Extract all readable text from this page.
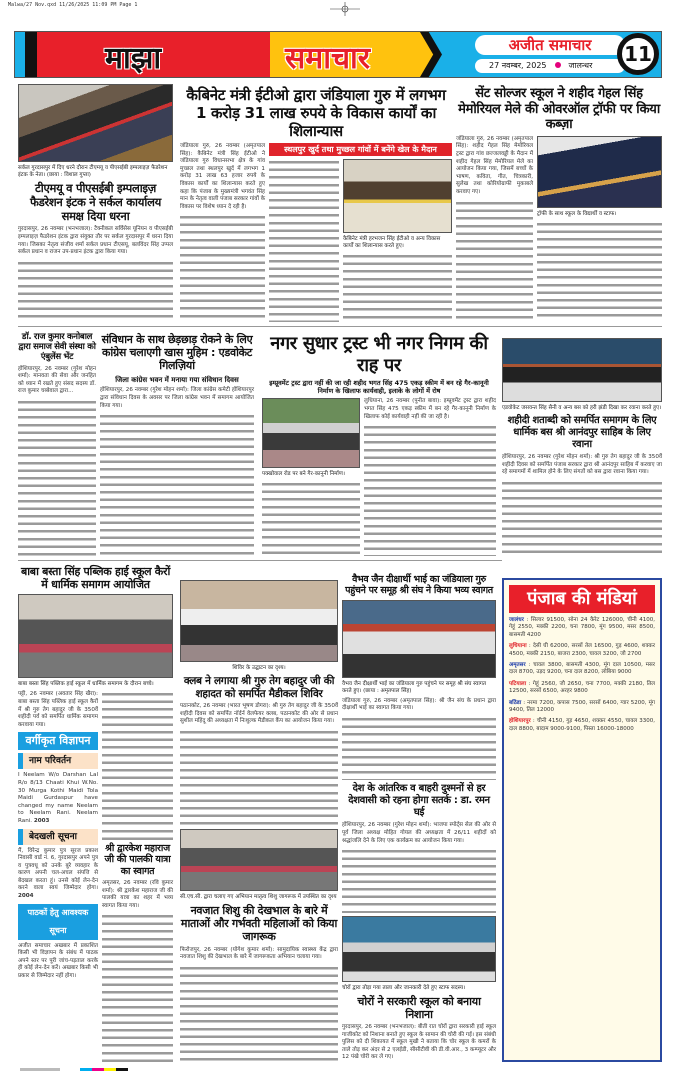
Malwa/27 Nov.qxd 11/26/2025 11:09 PM Page 1
माझा	समाचार	अजीत समाचार
27 नवम्बर, 2025	जालन्धर	11
सर्कल गुरदासपुर में दिए धरने दौरान टीएमयू व पीएसईबी इम्पलाइज़ फैडरेशन इंटक के नेता। (छाया : विशाल गुप्ता)
टीएमयू व पीएसईबी इम्पलाइज़ फैडरेशन इंटक ने सर्कल कार्यालय समक्ष दिया धरना
गुरदासपुर, 26 नवम्बर (भनभजाल): टैक्नीकल सर्विसेस यूनियन व पीएसईबी इम्पलाइज़ फैडरेशन इंटक द्वारा संयुक्त तौर पर सर्कल गुरदासपुर में धरना दिया गया। जिसका नेतृत्व संजीव शर्मा सर्कल प्रधान टीएसयू, बलविंदर सिंह उप्पल सर्कल प्रधान व राजन उप-प्रधान इंटक द्वारा किया गया।
कैबिनेट मंत्री ईटीओ द्वारा जंडियाला गुरु में लगभग 1 करोड़ 31 लाख रुपये के विकास कार्यों का शिलान्यास
जंडियाला गुरु, 26 नवम्बर (अमृतपाल सिंह): कैबिनेट मंत्री सिंह ईटीओ ने जंडियाला गुरु विधानसभा क्षेत्र के गांव मुच्छल तथा स्थलपुर खुर्द में लगभग 1 करोड़ 31 लाख 63 हजार रुपये के विकास कार्यों का शिलान्यास करते हुए कहा कि पंजाब के मुख्यमंत्री भगवंत सिंह मान के नेतृत्व वाली पंजाब सरकार गांवों के विकास पर विशेष ध्यान दे रही है।
स्थलपुर खुर्द तथा मुच्छल गांवों में बनेंगे खेल के मैदान
कैबिनेट मंत्री हरभजन सिंह ईटीओ व अन्य विकास कार्यों का शिलान्यास करते हुए।
सेंट सोल्जर स्कूल ने शहीद गेहल सिंह मेमोरियल मेले की ओवरऑल ट्रॉफी पर किया कब्ज़ा
जंडियाला गुरु, 26 नवम्बर (अमृतपाल सिंह): शहीद गेहल सिंह मेमोरियल ट्रस्ट द्वारा गांव छज्जलवड्डी के मैदान में शहीद गेहल सिंह मेमोरियल मेले का आयोजन किया गया, जिसमें बच्चों के भाषण, कविता, गीत, चित्रकारी, सुलेख तथा कोरियोग्राफी मुकाबले करवाए गए।
ट्रॉफी के साथ स्कूल के विद्यार्थी व स्टाफ।
डॉ. राज कुमार कनोबाल द्वारा समाज सेवी संस्था को एंबुलेंस भेंट
होशियारपुर, 26 नवम्बर (गुरेश मोहन शर्मा): मानवता की सेवा और जनहित को ध्यान में रखते हुए संसद सदस्य डॉ. राज कुमार चब्बेवाल द्वारा...
संविधान के साथ छेड़छाड़ रोकने के लिए कांग्रेस चलाएगी खास मुहिम : एडवोकेट गिलज़ियां
जिला कांग्रेस भवन में मनाया गया संविधान दिवस
होशियारपुर, 26 नवम्बर (गुरेश मोहन शर्मा): जिला कांग्रेस कमेटी होशियारपुर द्वारा संविधान दिवस के अवसर पर जिला कांग्रेस भवन में समागम आयोजित किया गया।
नगर सुधार ट्रस्ट भी नगर निगम की राह पर
इम्प्रूवमेंट ट्रस्ट द्वारा नहीं की जा रही शहीद भगत सिंह 475 एकड़ स्कीम में बन रहे गैर-कानूनी निर्माण के खिलाफ कार्यवाही, इलाके के लोगों में रोष
पक्खोवाल रोड पर बने गैर-कानूनी निर्माण।
लुधियाना, 26 नवम्बर (पुनीत बावा): इम्प्रूवमेंट ट्रस्ट द्वारा शहीद भगत सिंह 475 एकड़ स्कीम में बन रहे गैर-कानूनी निर्माण के खिलाफ कोई कार्यवाही नहीं की जा रही है।
एडवोकेट जसवन्त सिंह सैनी व अन्य बस को हरी झंडी दिखा कर रवाना करते हुए।
शहीदी शताब्दी को समर्पित समागम के लिए धार्मिक बस श्री आनंदपुर साहिब के लिए रवाना
होशियारपुर, 26 नवम्बर (गुरेश मोहन शर्मा): श्री गुरु तेग बहादुर जी के 350वें शहीदी दिवस को समर्पित पंजाब सरकार द्वारा श्री आनंदपुर साहिब में करवाए जा रहे समागमों में शामिल होने के लिए संगतों को बस द्वारा रवाना किया गया।
बाबा बस्ता सिंह पब्लिक हाई स्कूल कैरों में धार्मिक समागम आयोजित
बाबा बस्ता सिंह पब्लिक हाई स्कूल में धार्मिक समागम के दौरान बच्चे।
पट्टी, 26 नवम्बर (अवतार सिंह खैरा): बाबा बस्ता सिंह पब्लिक हाई स्कूल कैरों में श्री गुरु तेग बहादुर जी के 350वें शहीदी पर्व को समर्पित धार्मिक समागम करवाया गया।
वर्गीकृत विज्ञापन
नाम परिवर्तन
I Neelam W/o Darshan Lal R/o 8/13 Chaati Khui W.No. 30 Murga Kothi Maidi Tola Maidi Gurdaspur have changed my name Neelam to Neelam Rani. Neelam Rani. 2003
बेदखली सूचना
मैं, विरेन्द्र कुमार पुत्र सूरज प्रकाश निवासी वार्ड नं. 6, गुरदासपुर अपने पुत्र व पुत्रवधू को उनके बुरे व्यवहार के कारण अपनी चल-अचल संपत्ति से बेदखल करता हूं। उनसे कोई लेन-देन करने वाला स्वयं जिम्मेदार होगा। 2004
पाठकों हेतु आवश्यक सूचना
अजीत समाचार अखबार में प्रकाशित किसी भी विज्ञापन के संबंध में पाठक अपने स्तर पर पूरी जांच-पड़ताल करके ही कोई लेन-देन करें। अखबार किसी भी प्रकार से जिम्मेदार नहीं होगा।
श्री द्वारकेश महाराज जी की पालकी यात्रा का स्वागत
अमृतसर, 26 नवम्बर (रवि कुमार शर्मा): श्री द्वारकेश महाराज जी की पालकी यात्रा का शहर में भव्य स्वागत किया गया।
शिविर के उद्घाटन का दृश्य।
क्लब ने लगाया श्री गुरु तेग बहादुर जी की शहादत को समर्पित मैडीकल शिविर
पठानकोट, 26 नवम्बर (भारत भूषण डोगरा): श्री गुरु तेग बहादुर जी के 350वें शहीदी दिवस को समर्पित नॉर्दर्न वेलफेयर क्लब, पठानकोट की ओर से प्रधान सुशील महिंदू की अध्यक्षता में निःशुल्क मैडीकल कैंप का आयोजन किया गया।
सी.एच.सी. द्वारा चलाए गए अभियान मातृत्व शिशु जागरूक में उपस्थित का दृश्य
नवजात शिशु की देखभाल के बारे में माताओं और गर्भवती महिलाओं को किया जागरूक
फिरोजपुर, 26 नवम्बर (योगेश कुमार शर्मा): सामुदायिक स्वास्थ्य केंद्र द्वारा नवजात शिशु की देखभाल के बारे में जागरूकता अभियान चलाया गया।
वैभव जैन दीक्षार्थी भाई का जंडियाला गुरु पहुंचने पर समूह श्री संघ ने किया भव्य स्वागत
वैभव जैन दीक्षार्थी भाई का जंडियाला गुरु पहुंचने पर समूह श्री संघ स्वागत करते हुए। (छाया : अमृतपाल सिंह)
जंडियाला गुरु, 26 नवम्बर (अमृतपाल सिंह): श्री जैन संघ के प्रधान द्वारा दीक्षार्थी भाई का स्वागत किया गया।
देश के आंतरिक व बाहरी दुश्मनों से हर देशवासी को रहना होगा सतर्क : डा. रमन घई
होशियारपुर, 26 नवम्बर (गुरेश मोहन शर्मा): भाजपा स्पोर्ट्स सेल की ओर से पूर्व जिला अध्यक्ष मोहित गोयल की अध्यक्षता में 26/11 शहीदों को श्रद्धांजलि देने के लिए एक कार्यक्रम का आयोजन किया गया।
चोरों द्वारा तोड़ा गया ताला और जानकारी देते हुए स्टाफ सदस्य।
चोरों ने सरकारी स्कूल को बनाया निशाना
गुरदासपुर, 26 नवम्बर (भनभजाल): बीती रात चोरों द्वारा सरकारी हाई स्कूल गाजीकोट को निशाना बनाते हुए स्कूल के सामान की चोरी की गई। इस संबंधी पुलिस को दी शिकायत में स्कूल मुखी ने बताया कि चोर स्कूल के कमरों के ताले तोड़ कर अंदर से 2 एलईडी, सीसीटीवी की डी.वी.आर., 3 कम्प्यूटर और 12 पंखे चोरी कर ले गए।
पंजाब की मंडियां
जालंधर : सिल्वर 91500, सोना 24 कैरेट 126000, चीनी 4100, गेहूं 2550, मक्की 2200, चना 7800, मूंग 9500, मसर 8500, बासमती 4200
लुधियाना : देसी घी 62000, सरसों तेल 16500, गुड़ 4600, शक्कर 4500, मक्की 2150, बाजरा 2300, चावल 3200, जौ 2700
अमृतसर : चावल 3800, बासमती 4300, मूंग दाल 10500, मसर दाल 8700, उड़द 9200, चना दाल 8200, लोबिया 9000
पटियाला : गेहूं 2560, जौ 2650, चना 7700, मक्की 2180, तिल 12500, सरसों 6500, अरहर 9800
बठिंडा : नरमा 7200, कपास 7500, सरसों 6400, ग्वार 5200, मूंग 9400, तिल 12000
होशियारपुर : चीनी 4150, गुड़ 4650, शक्कर 4550, चावल 3300, दाल 8800, बादाम 9000-9100, पिस्ता 16000-18000
